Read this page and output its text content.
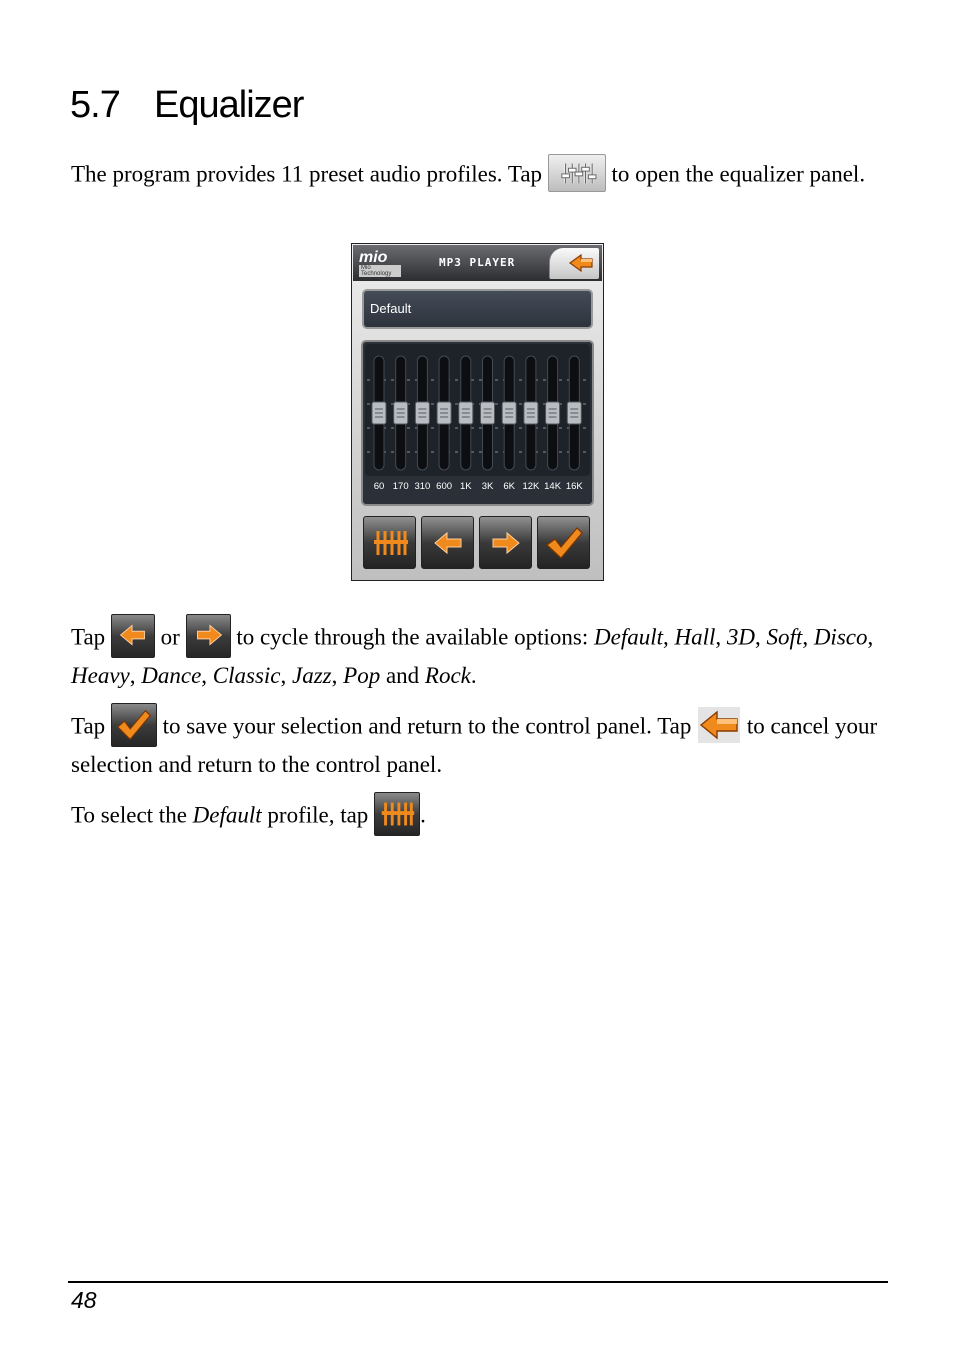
5.7 Equalizer

The program provides 11 preset audio profiles. Tap	to open the equalizer panel.

mio
Mio Technology
MP3 PLAYER
Default
60 170 310 600 1K	3K	6K 12K 14K 16K

Tap
or
to cycle through the available options: Default, Hall, 3D, Soft, Disco, Heavy, Dance, Classic, Jazz, Pop and Rock.

Tap
to save your selection and return to the control panel. Tap
to cancel your selection and return to the control panel.

To select the Default profile, tap
.

48
